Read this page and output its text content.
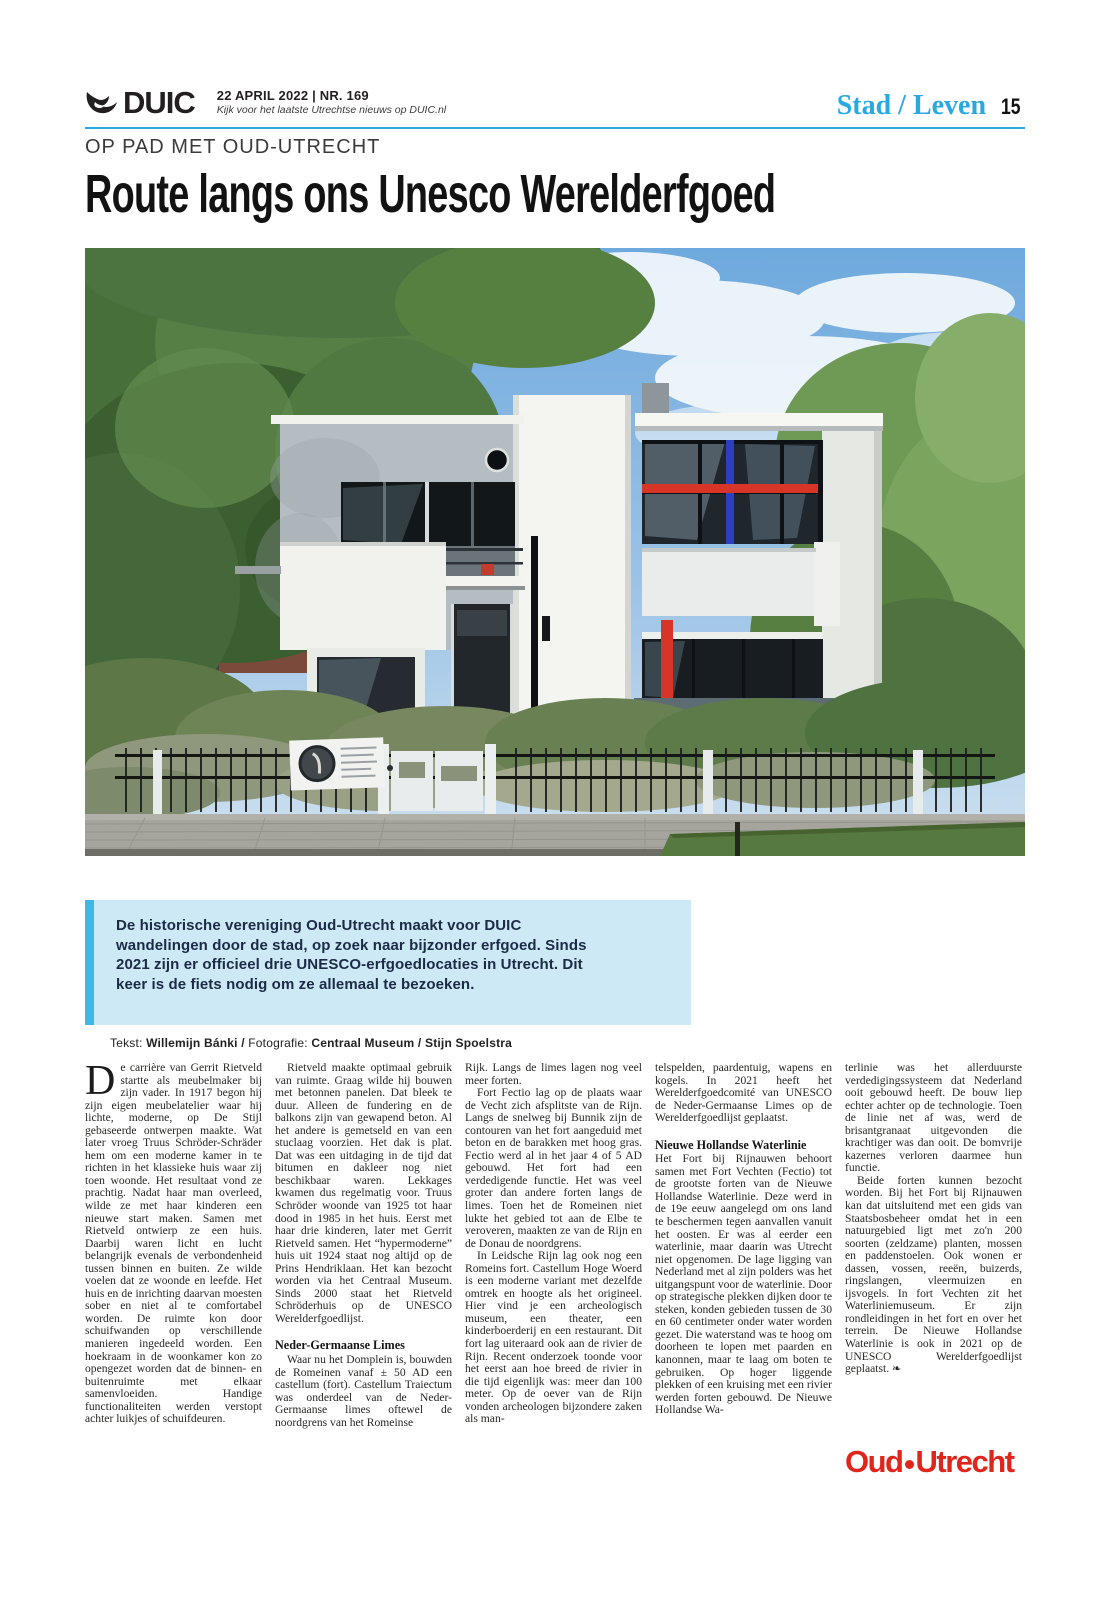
DUIC 22 APRIL 2022 | NR. 169
Kijk voor het laatste Utrechtse nieuws op DUIC.nl	Stad / Leven 15
OP PAD MET OUD-UTRECHT
Route langs ons Unesco Werelderfgoed
De historische vereniging Oud-Utrecht maakt voor DUIC wandelingen door de stad, op zoek naar bijzonder erfgoed. Sinds 2021 zijn er officieel drie UNESCO-erfgoedlocaties in Utrecht. Dit keer is de fiets nodig om ze allemaal te bezoeken.
Tekst: Willemijn Bánki / Fotografie: Centraal Museum / Stijn Spoelstra

De carrière van Gerrit Rietveld startte als meubelmaker bij zijn vader. In 1917 begon hij zijn eigen meubelatelier waar hij lichte, moderne, op De Stijl gebaseerde ontwerpen maakte. Wat later vroeg Truus Schröder-Schräder hem om een moderne kamer in te richten in het klassieke huis waar zij toen woonde. Het resultaat vond ze prachtig. Nadat haar man overleed, wilde ze met haar kinderen een nieuwe start maken. Samen met Rietveld ontwierp ze een huis. Daarbij waren licht en lucht belangrijk evenals de verbondenheid tussen binnen en buiten. Ze wilde voelen dat ze woonde en leefde. Het huis en de inrichting daarvan moesten sober en niet al te comfortabel worden. De ruimte kon door schuifwanden op verschillende manieren ingedeeld worden. Een hoekraam in de woonkamer kon zo opengezet worden dat de binnen- en buitenruimte met elkaar samenvloeiden. Handige functionaliteiten werden verstopt achter luikjes of schuifdeuren.

Rietveld maakte optimaal gebruik van ruimte. Graag wilde hij bouwen met betonnen panelen. Dat bleek te duur. Alleen de fundering en de balkons zijn van gewapend beton. Al het andere is gemetseld en van een stuclaag voorzien. Het dak is plat. Dat was een uitdaging in de tijd dat bitumen en dakleer nog niet beschikbaar waren. Lekkages kwamen dus regelmatig voor. Truus Schröder woonde van 1925 tot haar dood in 1985 in het huis. Eerst met haar drie kinderen, later met Gerrit Rietveld samen. Het “hypermoderne” huis uit 1924 staat nog altijd op de Prins Hendriklaan. Het kan bezocht worden via het Centraal Museum. Sinds 2000 staat het Rietveld Schröderhuis op de UNESCO Werelderfgoedlijst.

Neder-Germaanse Limes

Waar nu het Domplein is, bouwden de Romeinen vanaf ± 50 AD een castellum (fort). Castellum Traiectum was onderdeel van de Neder-Germaanse limes oftewel de noordgrens van het Romeinse

Rijk. Langs de limes lagen nog veel meer forten.

Fort Fectio lag op de plaats waar de Vecht zich afsplitste van de Rijn. Langs de snelweg bij Bunnik zijn de contouren van het fort aangeduid met beton en de barakken met hoog gras. Fectio werd al in het jaar 4 of 5 AD gebouwd. Het fort had een verdedigende functie. Het was veel groter dan andere forten langs de limes. Toen het de Romeinen niet lukte het gebied tot aan de Elbe te veroveren, maakten ze van de Rijn en de Donau de noordgrens.

In Leidsche Rijn lag ook nog een Romeins fort. Castellum Hoge Woerd is een moderne variant met dezelfde omtrek en hoogte als het origineel. Hier vind je een archeologisch museum, een theater, een kinderboerderij en een restaurant. Dit fort lag uiteraard ook aan de rivier de Rijn. Recent onderzoek toonde voor het eerst aan hoe breed de rivier in die tijd eigenlijk was: meer dan 100 meter. Op de oever van de Rijn vonden archeologen bijzondere zaken als man-

telspelden, paardentuig, wapens en kogels. In 2021 heeft het Werelderfgoedcomité van UNESCO de Neder-Germaanse Limes op de Werelderfgoedlijst geplaatst.

Nieuwe Hollandse Waterlinie

Het Fort bij Rijnauwen behoort samen met Fort Vechten (Fectio) tot de grootste forten van de Nieuwe Hollandse Waterlinie. Deze werd in de 19e eeuw aangelegd om ons land te beschermen tegen aanvallen vanuit het oosten. Er was al eerder een waterlinie, maar daarin was Utrecht niet opgenomen. De lage ligging van Nederland met al zijn polders was het uitgangspunt voor de waterlinie. Door op strategische plekken dijken door te steken, konden gebieden tussen de 30 en 60 centimeter onder water worden gezet. Die waterstand was te hoog om doorheen te lopen met paarden en kanonnen, maar te laag om boten te gebruiken. Op hoger liggende plekken of een kruising met een rivier werden forten gebouwd. De Nieuwe Hollandse Wa-

terlinie was het allerduurste verdedigingssysteem dat Nederland ooit gebouwd heeft. De bouw liep echter achter op de technologie. Toen de linie net af was, werd de brisantgranaat uitgevonden die krachtiger was dan ooit. De bomvrije kazernes verloren daarmee hun functie.

Beide forten kunnen bezocht worden. Bij het Fort bij Rijnauwen kan dat uitsluitend met een gids van Staatsbosbeheer omdat het in een natuurgebied ligt met zo'n 200 soorten (zeldzame) planten, mossen en paddenstoelen. Ook wonen er dassen, vossen, reeën, buizerds, ringslangen, vleermuizen en ijsvogels. In fort Vechten zit het Waterliniemuseum. Er zijn rondleidingen in het fort en over het terrein. De Nieuwe Hollandse Waterlinie is ook in 2021 op de UNESCO Werelderfgoedlijst geplaatst. ❧

Oud Utrecht
